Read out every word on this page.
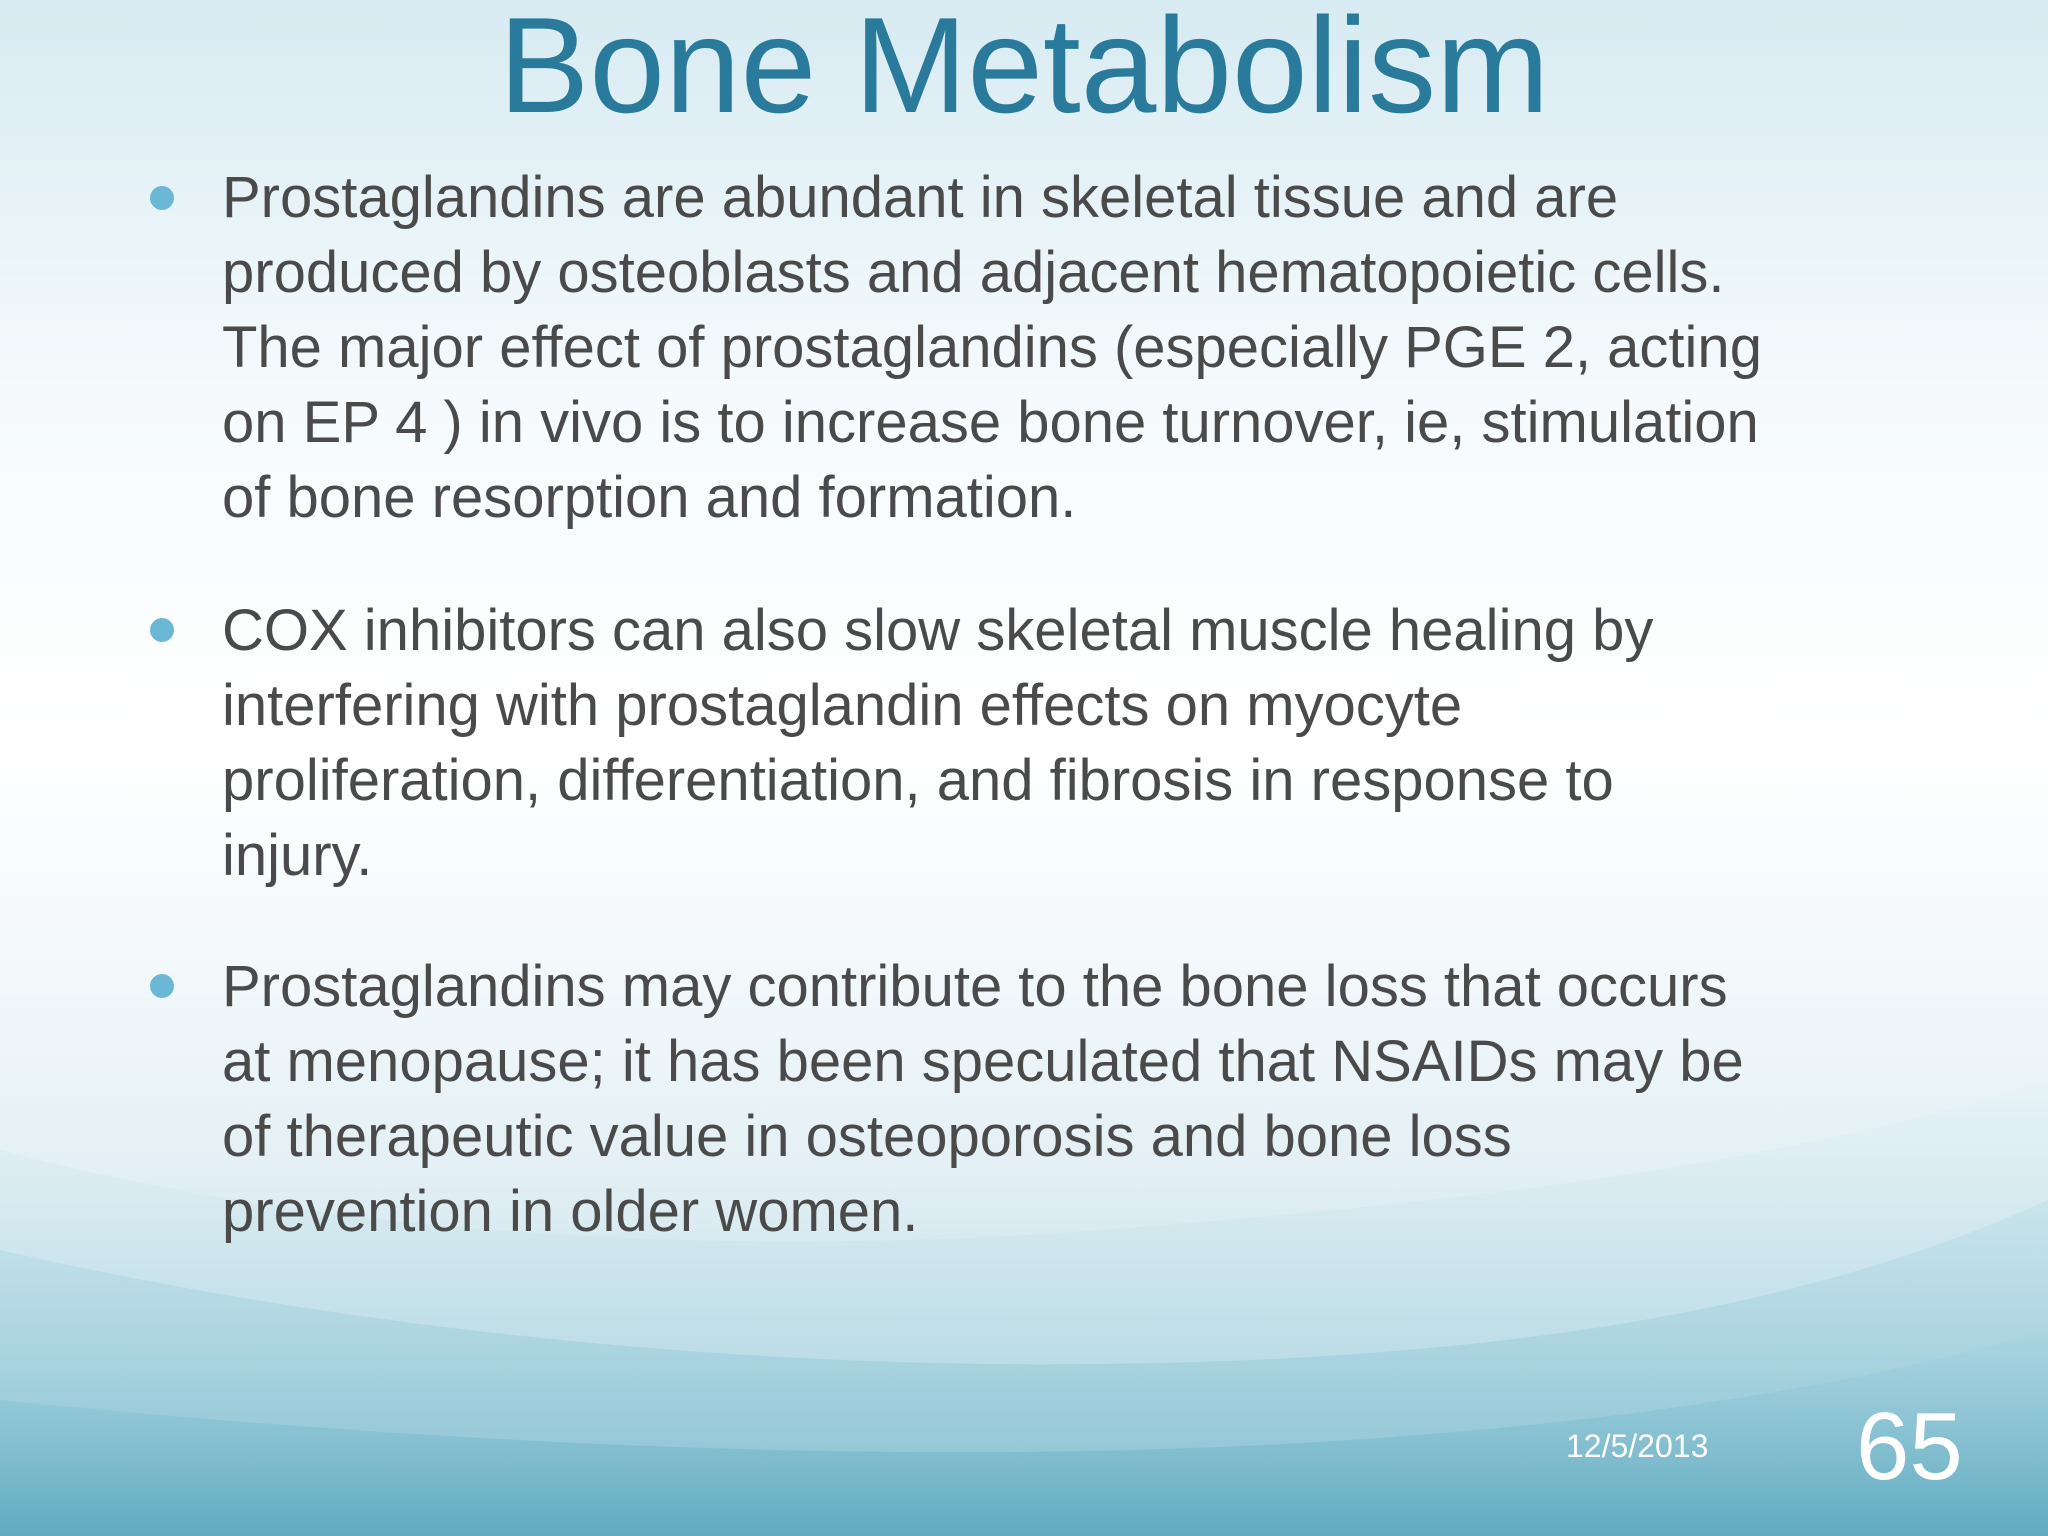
Bone Metabolism
Prostaglandins are abundant in skeletal tissue and are
produced by osteoblasts and adjacent hematopoietic cells.
The major effect of prostaglandins (especially PGE 2, acting
on EP 4 ) in vivo is to increase bone turnover, ie, stimulation
of bone resorption and formation.
COX inhibitors can also slow skeletal muscle healing by
interfering with prostaglandin effects on myocyte
proliferation, differentiation, and fibrosis in response to
injury.
Prostaglandins may contribute to the bone loss that occurs
at menopause; it has been speculated that NSAIDs may be
of therapeutic value in osteoporosis and bone loss
prevention in older women.
12/5/2013 65
